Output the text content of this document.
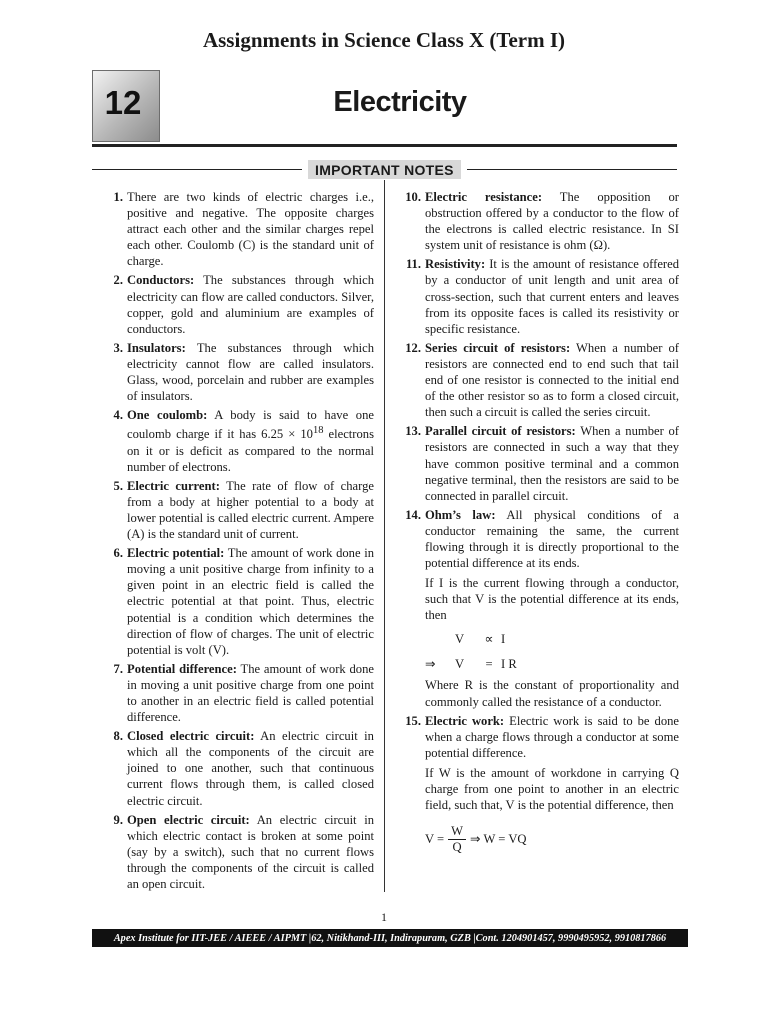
Assignments in Science Class X (Term I)
12	Electricity
IMPORTANT NOTES
1. There are two kinds of electric charges i.e., positive and negative. The opposite charges attract each other and the similar charges repel each other. Coulomb (C) is the standard unit of charge.
2. Conductors: The substances through which electricity can flow are called conductors. Silver, copper, gold and aluminium are examples of conductors.
3. Insulators: The substances through which electricity cannot flow are called insulators. Glass, wood, porcelain and rubber are examples of insulators.
4. One coulomb: A body is said to have one coulomb charge if it has $6.25 \times 10^{18}$ electrons on it or is deficit as compared to the normal number of electrons.
5. Electric current: The rate of flow of charge from a body at higher potential to a body at lower potential is called electric current. Ampere (A) is the standard unit of current.
6. Electric potential: The amount of work done in moving a unit positive charge from infinity to a given point in an electric field is called the electric potential at that point. Thus, electric potential is a condition which determines the direction of flow of charges. The unit of electric potential is volt (V).
7. Potential difference: The amount of work done in moving a unit positive charge from one point to another in an electric field is called potential difference.
8. Closed electric circuit: An electric circuit in which all the components of the circuit are joined to one another, such that continuous current flows through them, is called closed electric circuit.
9. Open electric circuit: An electric circuit in which electric contact is broken at some point (say by a switch), such that no current flows through the components of the circuit is called an open circuit.
10. Electric resistance: The opposition or obstruction offered by a conductor to the flow of the electrons is called electric resistance. In SI system unit of resistance is ohm (Ω).
11. Resistivity: It is the amount of resistance offered by a conductor of unit length and unit area of cross-section, such that current enters and leaves from its opposite faces is called its resistivity or specific resistance.
12. Series circuit of resistors: When a number of resistors are connected end to end such that tail end of one resistor is connected to the initial end of the other resistor so as to form a closed circuit, then such a circuit is called the series circuit.
13. Parallel circuit of resistors: When a number of resistors are connected in such a way that they have common positive terminal and a common negative terminal, then the resistors are said to be connected in parallel circuit.
14. Ohm’s law: All physical conditions of a conductor remaining the same, the current flowing through it is directly proportional to the potential difference at its ends.
If I is the current flowing through a conductor, such that V is the potential difference at its ends, then
V	∝ I
⇒	V	= I R
Where R is the constant of proportionality and commonly called the resistance of a conductor.
15. Electric work: Electric work is said to be done when a charge flows through a conductor at some potential difference.
If W is the amount of workdone in carrying Q charge from one point to another in an electric field, such that, V is the potential difference, then
$V = \frac{W}{Q}$ ⇒ W = VQ
1
Apex Institute for IIT-JEE / AIEEE / AIPMT |62, Nitikhand-III, Indirapuram, GZB |Cont. 1204901457, 9990495952, 9910817866
